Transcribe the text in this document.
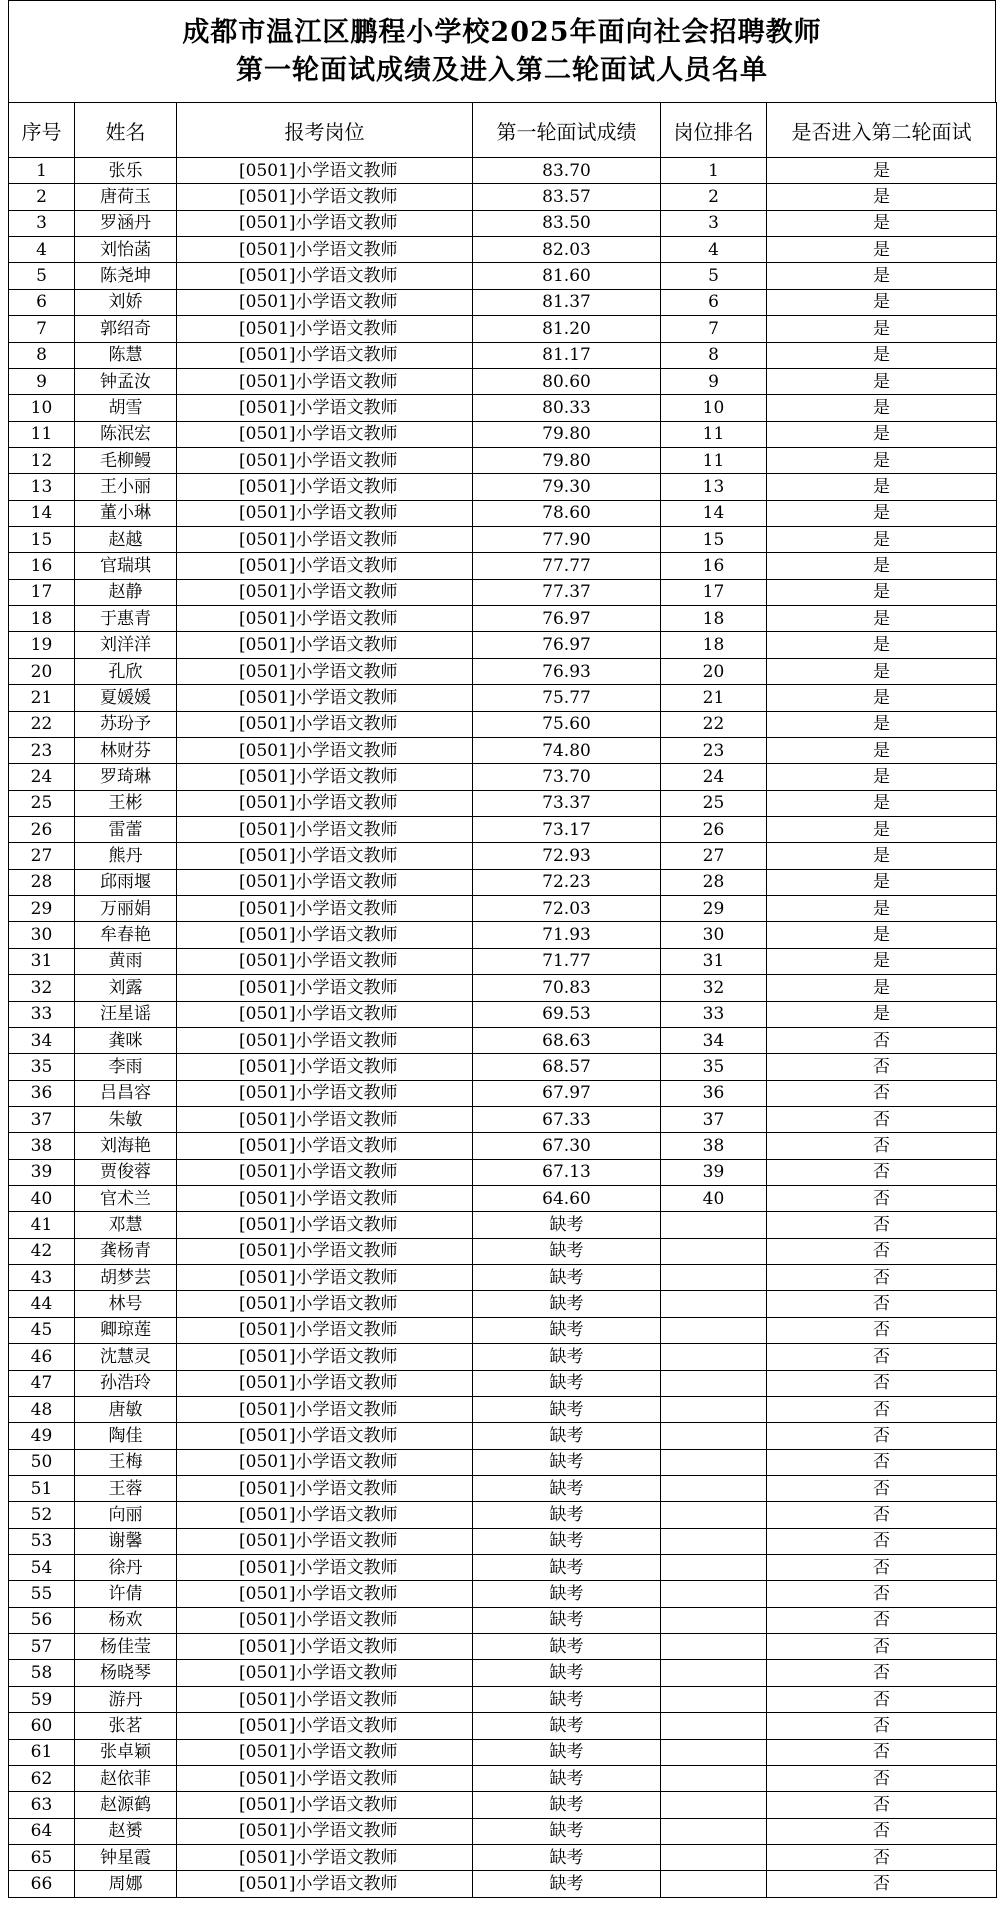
成都市温江区鹏程小学校2025年面向社会招聘教师
第一轮面试成绩及进入第二轮面试人员名单
序号	姓名	报考岗位	第一轮面试成绩	岗位排名	是否进入第二轮面试
1	张乐	[0501]小学语文教师	83.70	1	是
2	唐荷玉	[0501]小学语文教师	83.57	2	是
3	罗涵丹	[0501]小学语文教师	83.50	3	是
4	刘怡菡	[0501]小学语文教师	82.03	4	是
5	陈尧坤	[0501]小学语文教师	81.60	5	是
6	刘娇	[0501]小学语文教师	81.37	6	是
7	郭绍奇	[0501]小学语文教师	81.20	7	是
8	陈慧	[0501]小学语文教师	81.17	8	是
9	钟孟汝	[0501]小学语文教师	80.60	9	是
10	胡雪	[0501]小学语文教师	80.33	10	是
11	陈泯宏	[0501]小学语文教师	79.80	11	是
12	毛柳鳗	[0501]小学语文教师	79.80	11	是
13	王小丽	[0501]小学语文教师	79.30	13	是
14	董小琳	[0501]小学语文教师	78.60	14	是
15	赵越	[0501]小学语文教师	77.90	15	是
16	官瑞琪	[0501]小学语文教师	77.77	16	是
17	赵静	[0501]小学语文教师	77.37	17	是
18	于惠青	[0501]小学语文教师	76.97	18	是
19	刘洋洋	[0501]小学语文教师	76.97	18	是
20	孔欣	[0501]小学语文教师	76.93	20	是
21	夏媛媛	[0501]小学语文教师	75.77	21	是
22	苏玢予	[0501]小学语文教师	75.60	22	是
23	林财芬	[0501]小学语文教师	74.80	23	是
24	罗琦琳	[0501]小学语文教师	73.70	24	是
25	王彬	[0501]小学语文教师	73.37	25	是
26	雷蕾	[0501]小学语文教师	73.17	26	是
27	熊丹	[0501]小学语文教师	72.93	27	是
28	邱雨堰	[0501]小学语文教师	72.23	28	是
29	万丽娟	[0501]小学语文教师	72.03	29	是
30	牟春艳	[0501]小学语文教师	71.93	30	是
31	黄雨	[0501]小学语文教师	71.77	31	是
32	刘露	[0501]小学语文教师	70.83	32	是
33	汪星谣	[0501]小学语文教师	69.53	33	是
34	龚咪	[0501]小学语文教师	68.63	34	否
35	李雨	[0501]小学语文教师	68.57	35	否
36	吕昌容	[0501]小学语文教师	67.97	36	否
37	朱敏	[0501]小学语文教师	67.33	37	否
38	刘海艳	[0501]小学语文教师	67.30	38	否
39	贾俊蓉	[0501]小学语文教师	67.13	39	否
40	官术兰	[0501]小学语文教师	64.60	40	否
41	邓慧	[0501]小学语文教师	缺考		否
42	龚杨青	[0501]小学语文教师	缺考		否
43	胡梦芸	[0501]小学语文教师	缺考		否
44	林号	[0501]小学语文教师	缺考		否
45	卿琼莲	[0501]小学语文教师	缺考		否
46	沈慧灵	[0501]小学语文教师	缺考		否
47	孙浩玲	[0501]小学语文教师	缺考		否
48	唐敏	[0501]小学语文教师	缺考		否
49	陶佳	[0501]小学语文教师	缺考		否
50	王梅	[0501]小学语文教师	缺考		否
51	王蓉	[0501]小学语文教师	缺考		否
52	向丽	[0501]小学语文教师	缺考		否
53	谢馨	[0501]小学语文教师	缺考		否
54	徐丹	[0501]小学语文教师	缺考		否
55	许倩	[0501]小学语文教师	缺考		否
56	杨欢	[0501]小学语文教师	缺考		否
57	杨佳莹	[0501]小学语文教师	缺考		否
58	杨晓琴	[0501]小学语文教师	缺考		否
59	游丹	[0501]小学语文教师	缺考		否
60	张茗	[0501]小学语文教师	缺考		否
61	张卓颖	[0501]小学语文教师	缺考		否
62	赵依菲	[0501]小学语文教师	缺考		否
63	赵源鹤	[0501]小学语文教师	缺考		否
64	赵赟	[0501]小学语文教师	缺考		否
65	钟星霞	[0501]小学语文教师	缺考		否
66	周娜	[0501]小学语文教师	缺考		否
